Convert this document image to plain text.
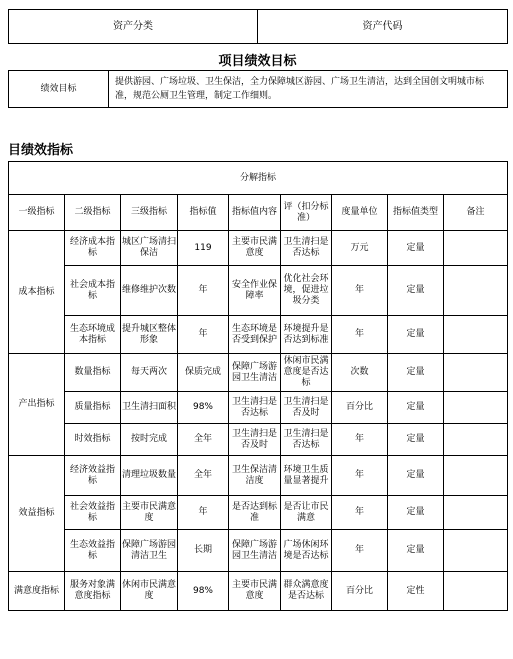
资产分类	资产代码
项目绩效目标
绩效目标	提供游园、广场垃圾、卫生保洁，全力保障城区游园、广场卫生清洁，达到全国创文明城市标准，规范公厕卫生管理，制定工作细则。
目绩效指标
分解指标								
一级指标	二级指标	三级指标	指标值	指标值内容	评（扣分标准）	度量单位	指标值类型	备注
成本指标	经济成本指标	城区广场清扫保洁	119	主要市民满意度	卫生清扫是否达标	万元	定量	
	社会成本指标	维修维护次数	年	安全作业保障率	优化社会环境，促进垃圾分类	年	定量	
	生态环境成本指标	提升城区整体形象	年	生态环境是否受到保护	环境提升是否达到标准	年	定量	
产出指标	数量指标	每天两次	保质完成	保障广场游园卫生清洁	休闲市民满意度是否达标	次数	定量	
	质量指标	卫生清扫面积	98%	卫生清扫是否达标	卫生清扫是否及时	百分比	定量	
	时效指标	按时完成	全年	卫生清扫是否及时	卫生清扫是否达标	年	定量	
效益指标	经济效益指标	清理垃圾数量	全年	卫生保洁清洁度	环境卫生质量显著提升	年	定量	
	社会效益指标	主要市民满意度	年	是否达到标准	是否让市民满意	年	定量	
	生态效益指标	保障广场游园清洁卫生	长期	保障广场游园卫生清洁	广场休闲环境是否达标	年	定量	
满意度指标	服务对象满意度指标	休闲市民满意度	98%	主要市民满意度	群众满意度是否达标	百分比	定性	
